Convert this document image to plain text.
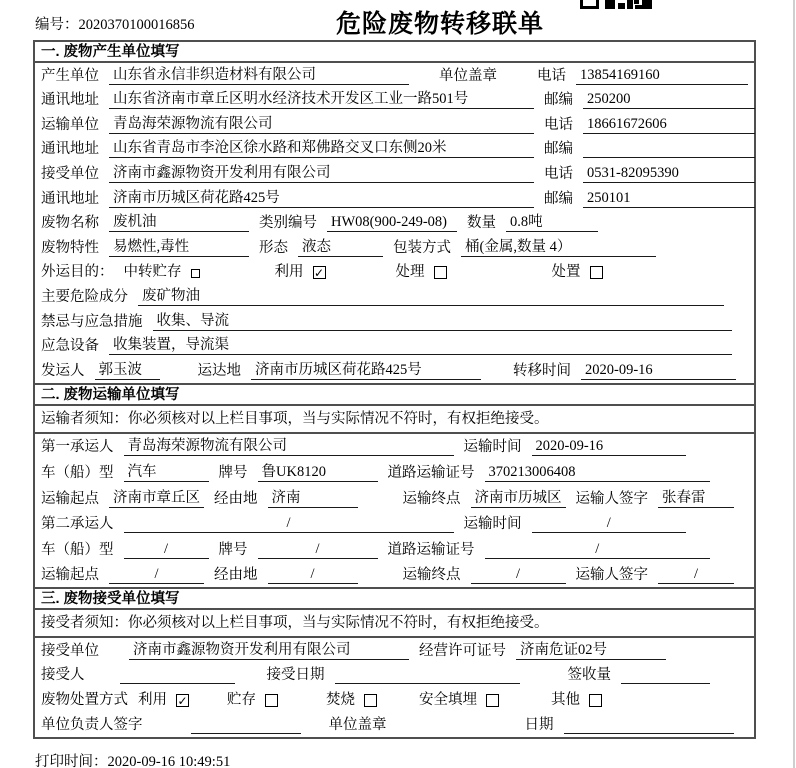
编号：2020370100016856	危险废物转移联单
一. 废物产生单位填写
产生单位 山东省永信非织造材料有限公司	单位盖章	电话 13854169160
通讯地址 山东省济南市章丘区明水经济技术开发区工业一路501号	邮编 250200
运输单位 青岛海荣源物流有限公司	电话 18661672606
通讯地址 山东省青岛市李沧区徐水路和郑佛路交叉口东侧20米	邮编
接受单位 济南市鑫源物资开发利用有限公司	电话 0531-82095390
通讯地址 济南市历城区荷花路425号	邮编 250101
废物名称 废机油	类别编号 HW08(900-249-08)	数量 0.8吨
废物特性 易燃性,毒性	形态 液态	包装方式 桶(金属,数量 4）
外运目的： 中转贮存	利用 ✓	处理	处置
主要危险成分 废矿物油
禁忌与应急措施 收集、导流
应急设备 收集装置，导流渠
发运人 郭玉波	运达地 济南市历城区荷花路425号	转移时间 2020-09-16
二. 废物运输单位填写
运输者须知：你必须核对以上栏目事项，当与实际情况不符时，有权拒绝接受。
第一承运人 青岛海荣源物流有限公司	运输时间 2020-09-16
车（船）型 汽车	牌号 鲁UK8120	道路运输证号 370213006408
运输起点 济南市章丘区 经由地 济南	运输终点 济南市历城区 运输人签字 张春雷
第二承运人	/	运输时间	/
车（船）型	/	牌号	/	道路运输证号	/
运输起点	/	经由地	/	运输终点	/	运输人签字	/
三. 废物接受单位填写
接受者须知：你必须核对以上栏目事项，当与实际情况不符时，有权拒绝接受。
接受单位 济南市鑫源物资开发利用有限公司	经营许可证号 济南危证02号
接受人	接受日期	签收量
废物处置方式 利用 ✓	贮存	焚烧	安全填埋	其他
单位负责人签字	单位盖章	日期
打印时间：2020-09-16 10:49:51
